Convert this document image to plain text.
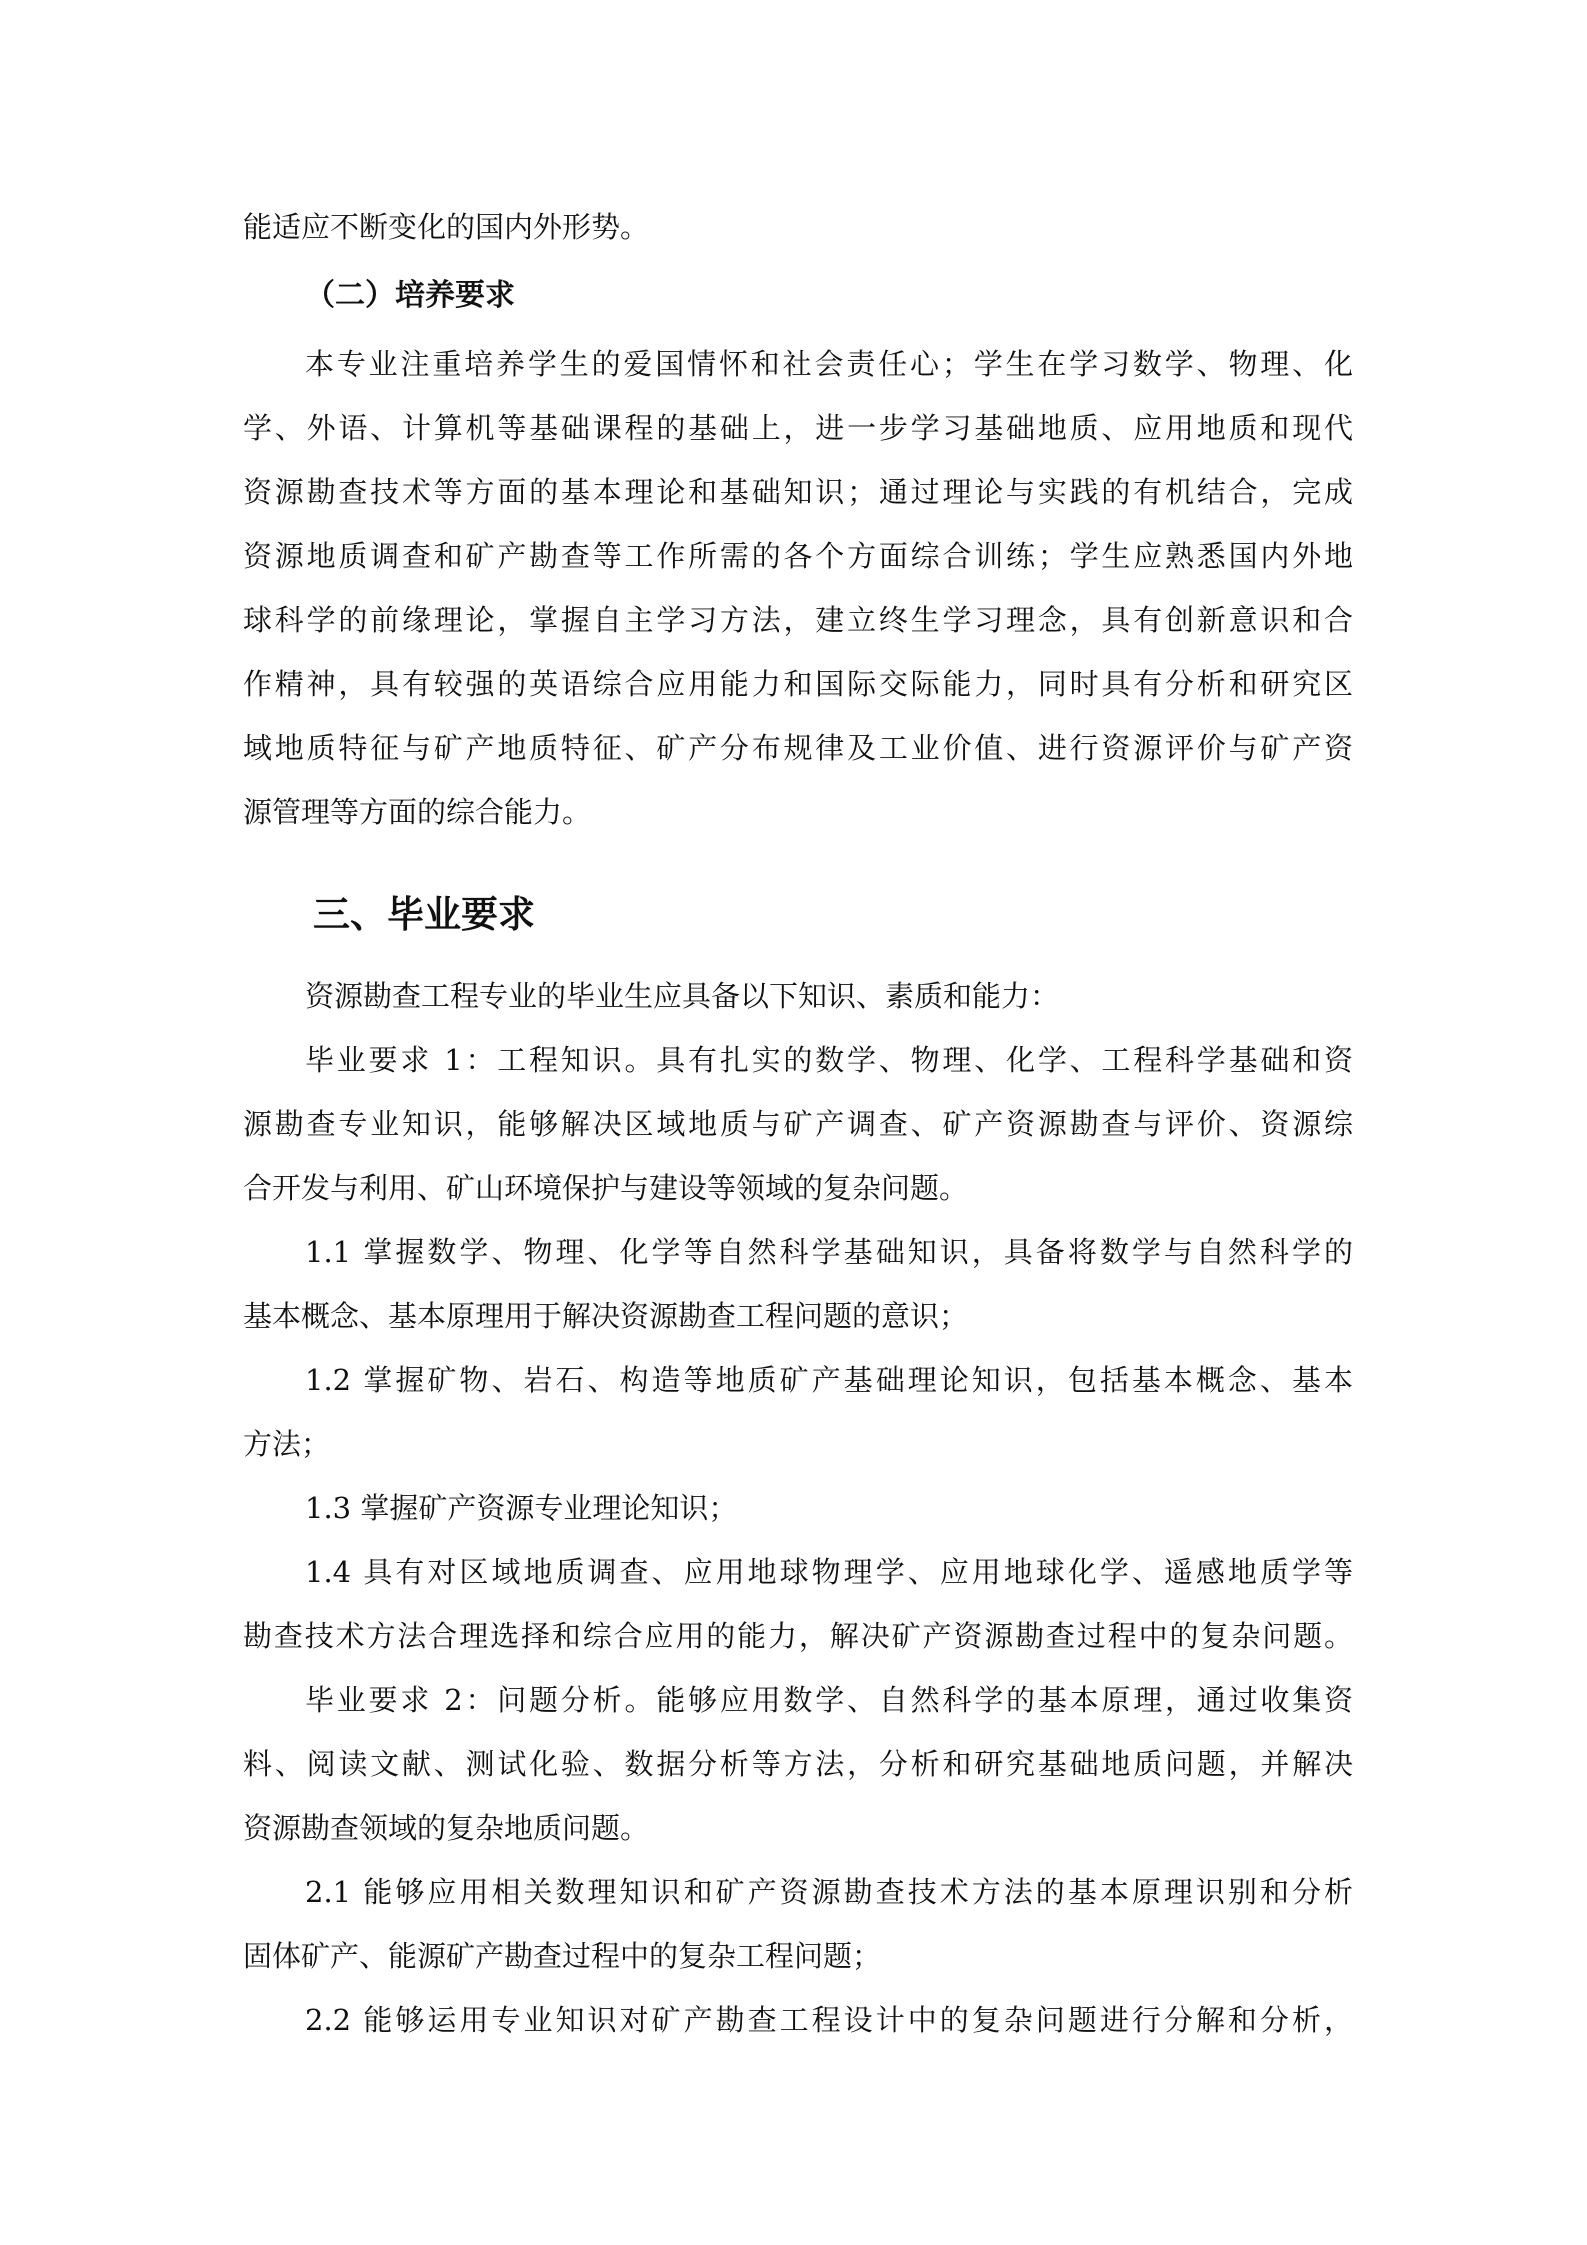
能适应不断变化的国内外形势。
（二）培养要求
本专业注重培养学生的爱国情怀和社会责任心；学生在学习数学、物理、化
学、外语、计算机等基础课程的基础上，进一步学习基础地质、应用地质和现代
资源勘查技术等方面的基本理论和基础知识；通过理论与实践的有机结合，完成
资源地质调查和矿产勘查等工作所需的各个方面综合训练；学生应熟悉国内外地
球科学的前缘理论，掌握自主学习方法，建立终生学习理念，具有创新意识和合
作精神，具有较强的英语综合应用能力和国际交际能力，同时具有分析和研究区
域地质特征与矿产地质特征、矿产分布规律及工业价值、进行资源评价与矿产资
源管理等方面的综合能力。
三、毕业要求
资源勘查工程专业的毕业生应具备以下知识、素质和能力：
毕业要求 1：工程知识。具有扎实的数学、物理、化学、工程科学基础和资
源勘查专业知识，能够解决区域地质与矿产调查、矿产资源勘查与评价、资源综
合开发与利用、矿山环境保护与建设等领域的复杂问题。
1.1 掌握数学、物理、化学等自然科学基础知识，具备将数学与自然科学的
基本概念、基本原理用于解决资源勘查工程问题的意识；
1.2 掌握矿物、岩石、构造等地质矿产基础理论知识，包括基本概念、基本
方法；
1.3 掌握矿产资源专业理论知识；
1.4 具有对区域地质调查、应用地球物理学、应用地球化学、遥感地质学等
勘查技术方法合理选择和综合应用的能力，解决矿产资源勘查过程中的复杂问题。
毕业要求 2：问题分析。能够应用数学、自然科学的基本原理，通过收集资
料、阅读文献、测试化验、数据分析等方法，分析和研究基础地质问题，并解决
资源勘查领域的复杂地质问题。
2.1 能够应用相关数理知识和矿产资源勘查技术方法的基本原理识别和分析
固体矿产、能源矿产勘查过程中的复杂工程问题；
2.2 能够运用专业知识对矿产勘查工程设计中的复杂问题进行分解和分析，
